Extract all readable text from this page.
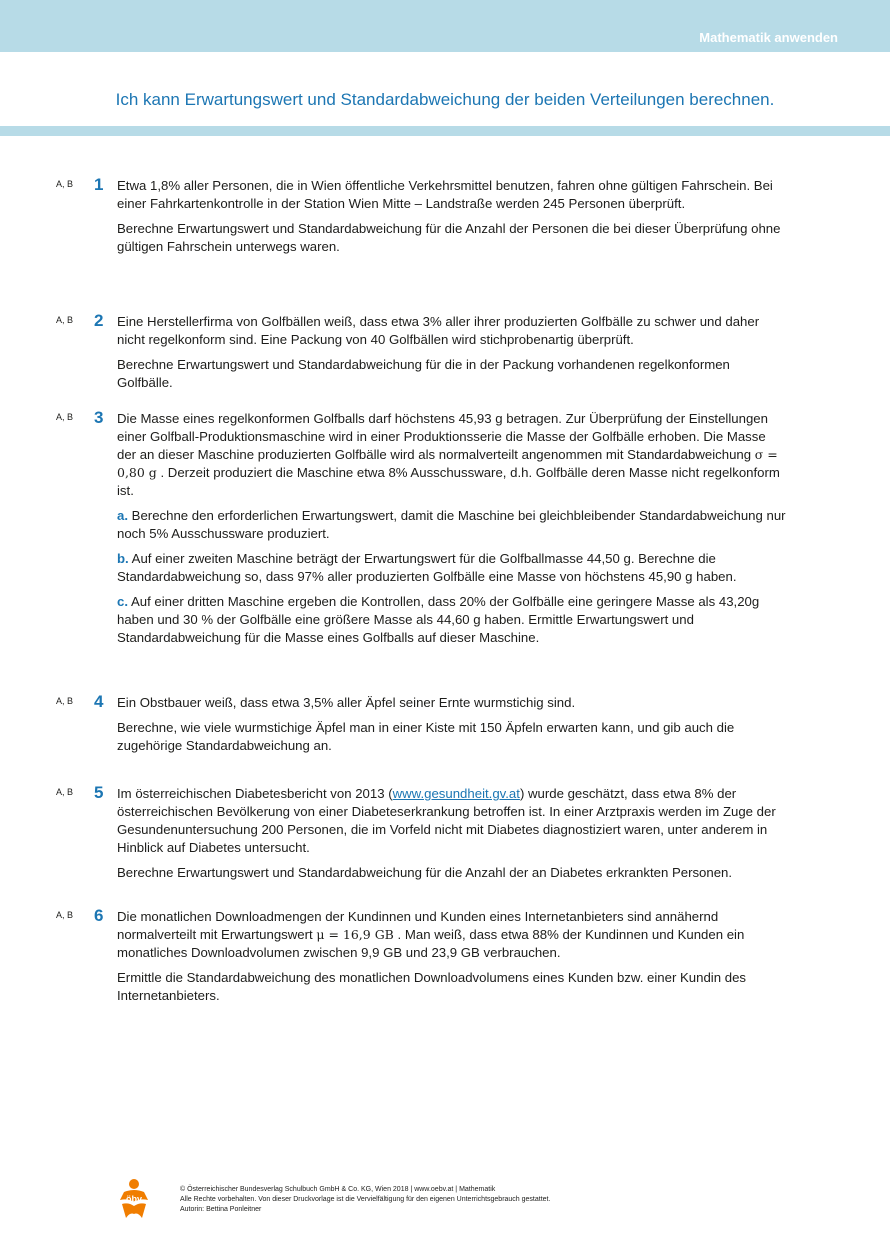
Mathematik anwenden
Ich kann Erwartungswert und Standardabweichung der beiden Verteilungen berechnen.
A, B 1 Etwa 1,8% aller Personen, die in Wien öffentliche Verkehrsmittel benutzen, fahren ohne gültigen Fahrschein. Bei einer Fahrkartenkontrolle in der Station Wien Mitte – Landstraße werden 245 Personen überprüft.

Berechne Erwartungswert und Standardabweichung für die Anzahl der Personen die bei dieser Überprüfung ohne gültigen Fahrschein unterwegs waren.

A, B 2 Eine Herstellerfirma von Golfbällen weiß, dass etwa 3% aller ihrer produzierten Golfbälle zu schwer und daher nicht regelkonform sind. Eine Packung von 40 Golfbällen wird stichprobenartig überprüft.

Berechne Erwartungswert und Standardabweichung für die in der Packung vorhandenen regelkonformen Golfbälle.

A, B 3 Die Masse eines regelkonformen Golfballs darf höchstens 45,93 g betragen. Zur Überprüfung der Einstellungen einer Golfball-Produktionsmaschine wird in einer Produktionsserie die Masse der Golfbälle erhoben. Die Masse der an dieser Maschine produzierten Golfbälle wird als normalverteilt angenommen mit Standardabweichung σ = 0,80 g . Derzeit produziert die Maschine etwa 8% Ausschussware, d.h. Golfbälle deren Masse nicht regelkonform ist.

a. Berechne den erforderlichen Erwartungswert, damit die Maschine bei gleichbleibender Standardabweichung nur noch 5% Ausschussware produziert.

b. Auf einer zweiten Maschine beträgt der Erwartungswert für die Golfballmasse 44,50 g. Berechne die Standardabweichung so, dass 97% aller produzierten Golfbälle eine Masse von höchstens 45,90 g haben.

c. Auf einer dritten Maschine ergeben die Kontrollen, dass 20% der Golfbälle eine geringere Masse als 43,20g haben und 30 % der Golfbälle eine größere Masse als 44,60 g haben. Ermittle Erwartungswert und Standardabweichung für die Masse eines Golfballs auf dieser Maschine.

A, B 4 Ein Obstbauer weiß, dass etwa 3,5% aller Äpfel seiner Ernte wurmstichig sind.

Berechne, wie viele wurmstichige Äpfel man in einer Kiste mit 150 Äpfeln erwarten kann, und gib auch die zugehörige Standardabweichung an.

A, B 5 Im österreichischen Diabetesbericht von 2013 (www.gesundheit.gv.at) wurde geschätzt, dass etwa 8% der österreichischen Bevölkerung von einer Diabeteserkrankung betroffen ist. In einer Arztpraxis werden im Zuge der Gesundenuntersuchung 200 Personen, die im Vorfeld nicht mit Diabetes diagnostiziert waren, unter anderem in Hinblick auf Diabetes untersucht.

Berechne Erwartungswert und Standardabweichung für die Anzahl der an Diabetes erkrankten Personen.

A, B 6 Die monatlichen Downloadmengen der Kundinnen und Kunden eines Internetanbieters sind annähernd normalverteilt mit Erwartungswert μ = 16,9 GB . Man weiß, dass etwa 88% der Kundinnen und Kunden ein monatliches Downloadvolumen zwischen 9,9 GB und 23,9 GB verbrauchen.

Ermittle die Standardabweichung des monatlichen Downloadvolumens eines Kunden bzw. einer Kundin des Internetanbieters.

öbv
© Österreichischer Bundesverlag Schulbuch GmbH & Co. KG, Wien 2018 | www.oebv.at | Mathematik
Alle Rechte vorbehalten. Von dieser Druckvorlage ist die Vervielfältigung für den eigenen Unterrichtsgebrauch gestattet.
Autorin: Bettina Ponleitner
